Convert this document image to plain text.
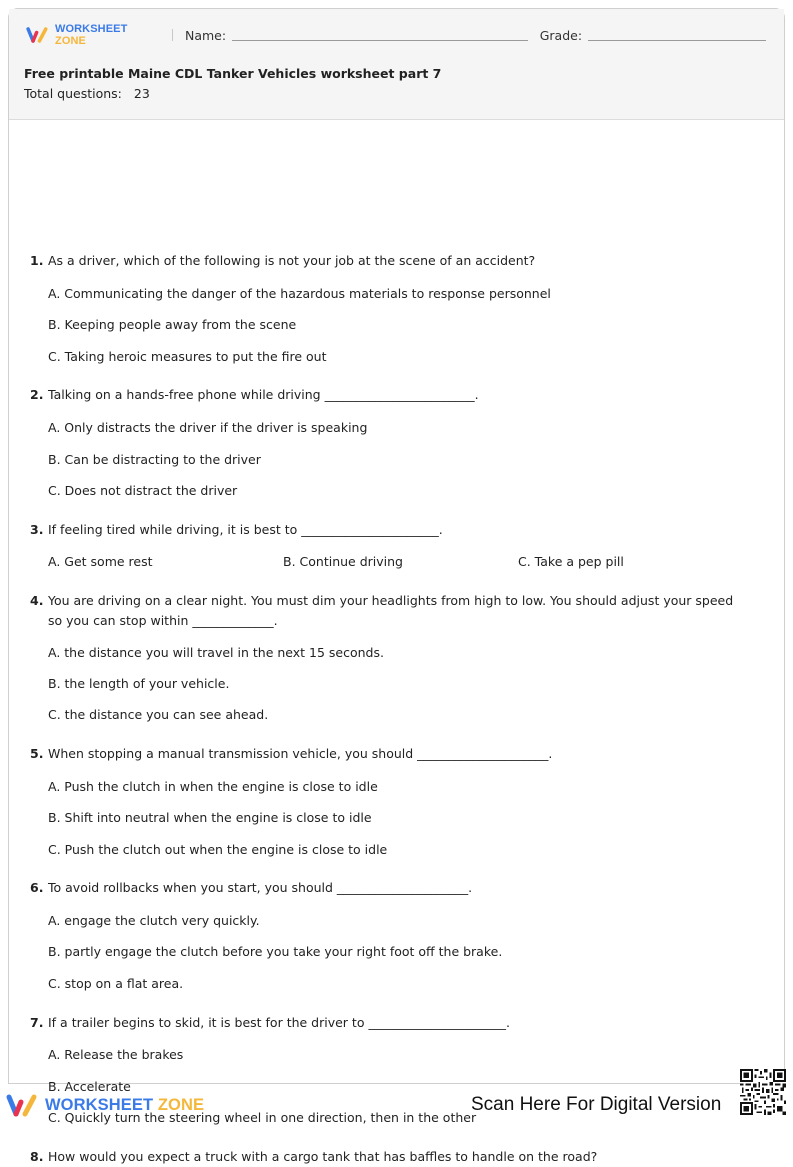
WORKSHEET ZONE	Name:	Grade:
Free printable Maine CDL Tanker Vehicles worksheet part 7
Total questions: 23
1. As a driver, which of the following is not your job at the scene of an accident?
A. Communicating the danger of the hazardous materials to response personnel
B. Keeping people away from the scene
C. Taking heroic measures to put the fire out
2. Talking on a hands-free phone while driving ________________________.
A. Only distracts the driver if the driver is speaking
B. Can be distracting to the driver
C. Does not distract the driver
3. If feeling tired while driving, it is best to ______________________.
A. Get some rest	B. Continue driving	C. Take a pep pill
4. You are driving on a clear night. You must dim your headlights from high to low. You should adjust your speed so you can stop within _____________.
A. the distance you will travel in the next 15 seconds.
B. the length of your vehicle.
C. the distance you can see ahead.
5. When stopping a manual transmission vehicle, you should _____________________.
A. Push the clutch in when the engine is close to idle
B. Shift into neutral when the engine is close to idle
C. Push the clutch out when the engine is close to idle
6. To avoid rollbacks when you start, you should _____________________.
A. engage the clutch very quickly.
B. partly engage the clutch before you take your right foot off the brake.
C. stop on a flat area.
7. If a trailer begins to skid, it is best for the driver to ______________________.
A. Release the brakes
B. Accelerate
C. Quickly turn the steering wheel in one direction, then in the other
8. How would you expect a truck with a cargo tank that has baffles to handle on the road?
WORKSHEET ZONE	Scan Here For Digital Version
